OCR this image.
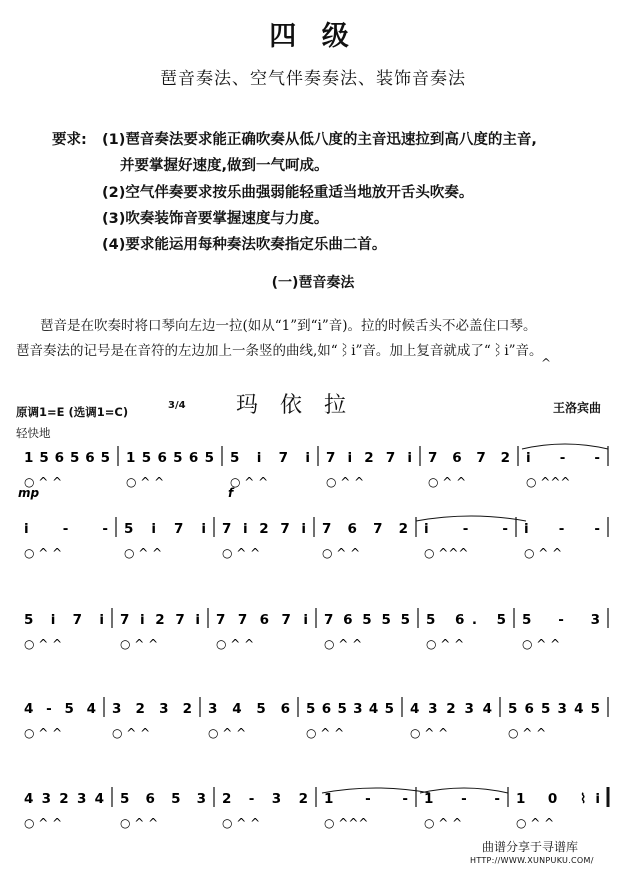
四 级
琶音奏法、空气伴奏奏法、装饰音奏法
要求: (1)琶音奏法要求能正确吹奏从低八度的主音迅速拉到高八度的主音,
并要掌握好速度,做到一气呵成。
(2)空气伴奏要求按乐曲强弱能轻重适当地放开舌头吹奏。
(3)吹奏装饰音要掌握速度与力度。
(4)要求能运用每种奏法吹奏指定乐曲二首。
(一)琶音奏法
琶音是在吹奏时将口琴向左边一拉(如从“1”到“i”音)。拉的时候舌头不必盖住口琴。
琶音奏法的记号是在音符的左边加上一条竖的曲线,如“⌇i”音。加上复音就成了“⌇i”音。
^
玛依拉
原调1=E (选调1=C)	3/4	王洛宾曲
轻快地
1 5 6 5 6 5
○ ^ ^
1 5 6 5 6 5
○ ^ ^
5 i 7 i
○ ^ ^
7 i 2 7 i
○ ^ ^
7 6 7 2
○ ^ ^
i - -
○ ^^^
i - -
○ ^ ^
5 i 7 i
○ ^ ^
7 i 2 7 i
○ ^ ^
7 6 7 2
○ ^ ^
i - -
○ ^^^
i - -
○ ^ ^
5 i 7 i
○ ^ ^
7 i 2 7 i
○ ^ ^
7 7 6 7 i
○ ^ ^
7 6 5 5 5
○ ^ ^
5 6. 5
○ ^ ^
5 - 3
○ ^ ^
4 - 5 4
○ ^ ^
3 2 3 2
○ ^ ^
3 4 5 6
○ ^ ^
5 6 5 3 4 5
○ ^ ^
4 3 2 3 4
○ ^ ^
5 6 5 3 4 5
○ ^ ^
4 3 2 3 4
○ ^ ^
5 6 5 3
○ ^ ^
2 - 3 2
○ ^ ^
1 - -
○ ^^^
1 - -
○ ^ ^
1 0 ⌇i
○ ^ ^
mp	f
曲谱分享于寻谱库
HTTP://WWW.XUNPUKU.COM/
